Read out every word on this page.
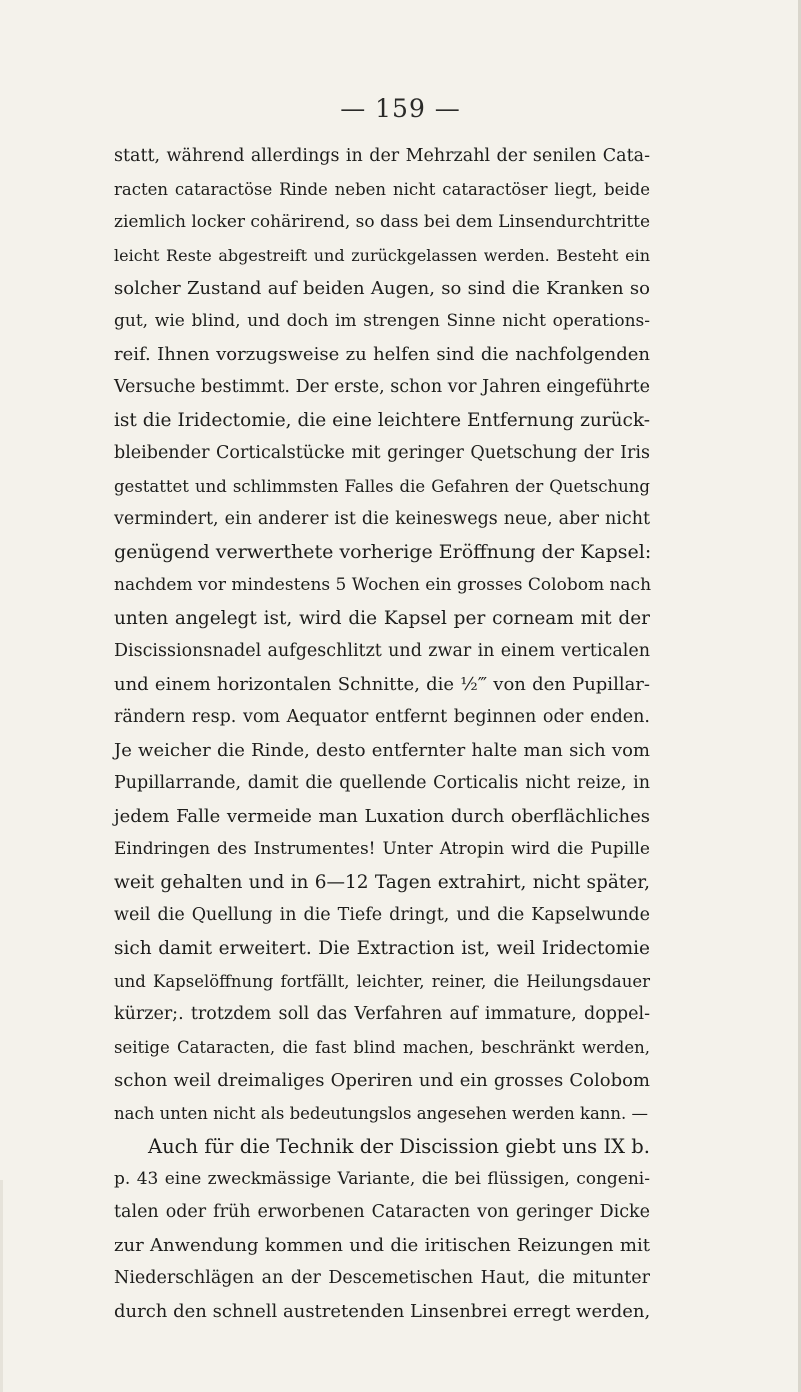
— 159 —
statt, während allerdings in der Mehrzahl der senilen Cata-
racten cataractöse Rinde neben nicht cataractöser liegt, beide
ziemlich locker cohärirend, so dass bei dem Linsendurchtritte
leicht Reste abgestreift und zurückgelassen werden. Besteht ein
solcher Zustand auf beiden Augen, so sind die Kranken so
gut, wie blind, und doch im strengen Sinne nicht operations-
reif. Ihnen vorzugsweise zu helfen sind die nachfolgenden
Versuche bestimmt. Der erste, schon vor Jahren eingeführte
ist die Iridectomie, die eine leichtere Entfernung zurück-
bleibender Corticalstücke mit geringer Quetschung der Iris
gestattet und schlimmsten Falles die Gefahren der Quetschung
vermindert, ein anderer ist die keineswegs neue, aber nicht
genügend verwerthete vorherige Eröffnung der Kapsel:
nachdem vor mindestens 5 Wochen ein grosses Colobom nach
unten angelegt ist, wird die Kapsel per corneam mit der
Discissionsnadel aufgeschlitzt und zwar in einem verticalen
und einem horizontalen Schnitte, die ½‴ von den Pupillar-
rändern resp. vom Aequator entfernt beginnen oder enden.
Je weicher die Rinde, desto entfernter halte man sich vom
Pupillarrande, damit die quellende Corticalis nicht reize, in
jedem Falle vermeide man Luxation durch oberflächliches
Eindringen des Instrumentes! Unter Atropin wird die Pupille
weit gehalten und in 6—12 Tagen extrahirt, nicht später,
weil die Quellung in die Tiefe dringt, und die Kapselwunde
sich damit erweitert. Die Extraction ist, weil Iridectomie
und Kapselöffnung fortfällt, leichter, reiner, die Heilungsdauer
kürzer;. trotzdem soll das Verfahren auf immature, doppel-
seitige Cataracten, die fast blind machen, beschränkt werden,
schon weil dreimaliges Operiren und ein grosses Colobom
nach unten nicht als bedeutungslos angesehen werden kann. —
Auch für die Technik der Discission giebt uns IX b.
p. 43 eine zweckmässige Variante, die bei flüssigen, congeni-
talen oder früh erworbenen Cataracten von geringer Dicke
zur Anwendung kommen und die iritischen Reizungen mit
Niederschlägen an der Descemetischen Haut, die mitunter
durch den schnell austretenden Linsenbrei erregt werden,
